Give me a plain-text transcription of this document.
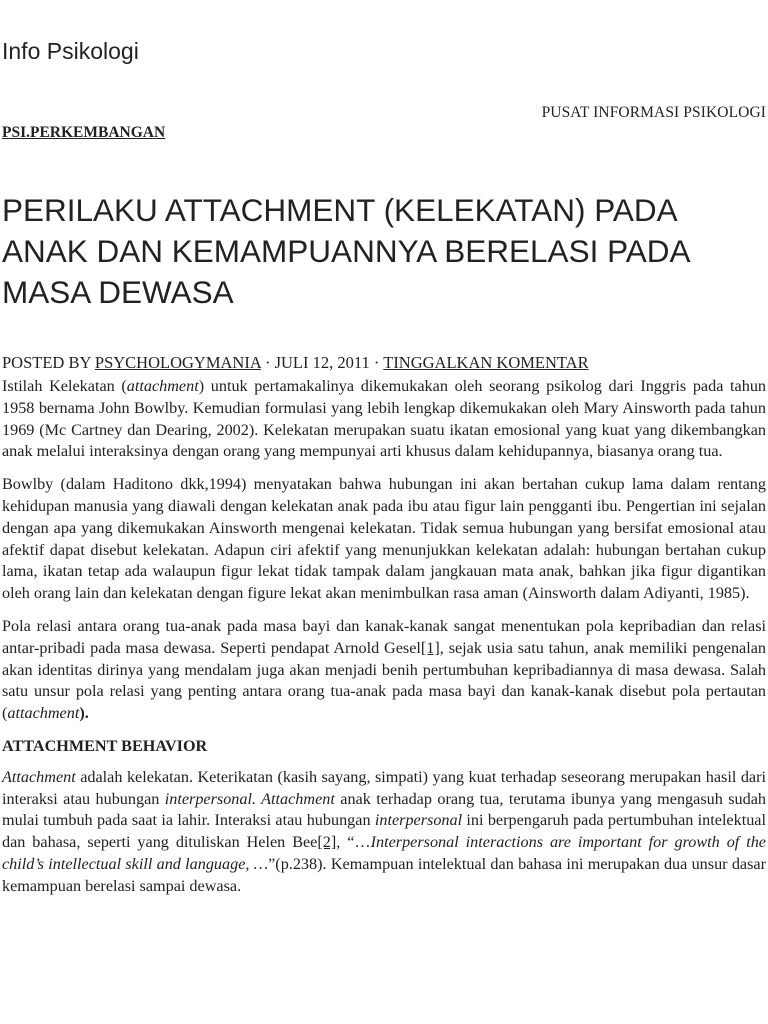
Info Psikologi
PUSAT INFORMASI PSIKOLOGI
PSI.PERKEMBANGAN
PERILAKU ATTACHMENT (KELEKATAN) PADA ANAK DAN KEMAMPUANNYA BERELASI PADA MASA DEWASA
POSTED BY PSYCHOLOGYMANIA · JULI 12, 2011 · TINGGALKAN KOMENTAR

Istilah Kelekatan (attachment) untuk pertamakalinya dikemukakan oleh seorang psikolog dari Inggris pada tahun 1958 bernama John Bowlby. Kemudian formulasi yang lebih lengkap dikemukakan oleh Mary Ainsworth pada tahun 1969 (Mc Cartney dan Dearing, 2002). Kelekatan merupakan suatu ikatan emosional yang kuat yang dikembangkan anak melalui interaksinya dengan orang yang mempunyai arti khusus dalam kehidupannya, biasanya orang tua.

Bowlby (dalam Haditono dkk,1994) menyatakan bahwa hubungan ini akan bertahan cukup lama dalam rentang kehidupan manusia yang diawali dengan kelekatan anak pada ibu atau figur lain pengganti ibu. Pengertian ini sejalan dengan apa yang dikemukakan Ainsworth mengenai kelekatan. Tidak semua hubungan yang bersifat emosional atau afektif dapat disebut kelekatan. Adapun ciri afektif yang menunjukkan kelekatan adalah: hubungan bertahan cukup lama, ikatan tetap ada walaupun figur lekat tidak tampak dalam jangkauan mata anak, bahkan jika figur digantikan oleh orang lain dan kelekatan dengan figure lekat akan menimbulkan rasa aman (Ainsworth dalam Adiyanti, 1985).

Pola relasi antara orang tua-anak pada masa bayi dan kanak-kanak sangat menentukan pola kepribadian dan relasi antar-pribadi pada masa dewasa. Seperti pendapat Arnold Gesel[1], sejak usia satu tahun, anak memiliki pengenalan akan identitas dirinya yang mendalam juga akan menjadi benih pertumbuhan kepribadiannya di masa dewasa. Salah satu unsur pola relasi yang penting antara orang tua-anak pada masa bayi dan kanak-kanak disebut pola pertautan (attachment).

ATTACHMENT BEHAVIOR

Attachment adalah kelekatan. Keterikatan (kasih sayang, simpati) yang kuat terhadap seseorang merupakan hasil dari interaksi atau hubungan interpersonal. Attachment anak terhadap orang tua, terutama ibunya yang mengasuh sudah mulai tumbuh pada saat ia lahir. Interaksi atau hubungan interpersonal ini berpengaruh pada pertumbuhan intelektual dan bahasa, seperti yang dituliskan Helen Bee[2], “…Interpersonal interactions are important for growth of the child’s intellectual skill and language, …”(p.238). Kemampuan intelektual dan bahasa ini merupakan dua unsur dasar kemampuan berelasi sampai dewasa.
